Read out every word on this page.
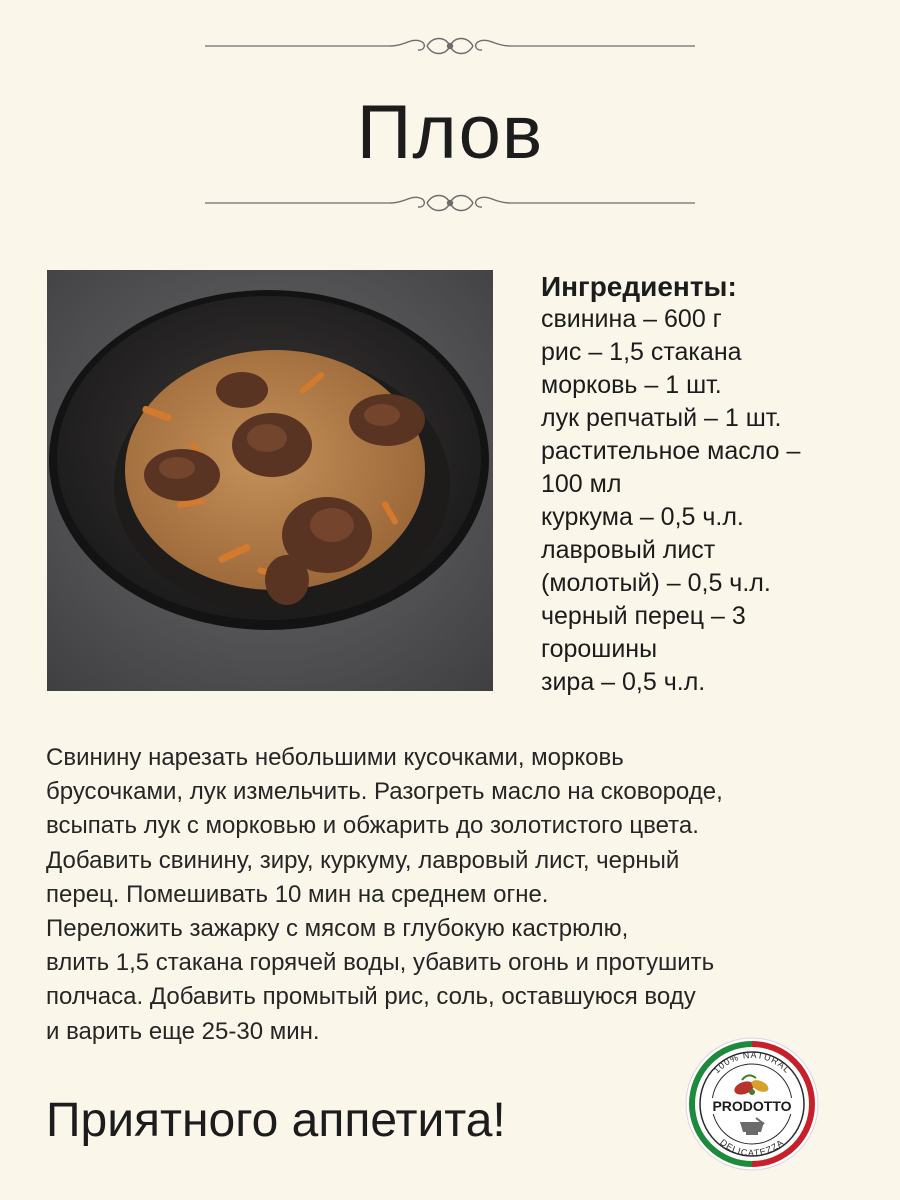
Плов
Ингредиенты:
свинина – 600 г
рис – 1,5 стакана
морковь – 1 шт.
лук репчатый – 1 шт.
растительное масло –
100 мл
куркума – 0,5 ч.л.
лавровый лист
(молотый) – 0,5 ч.л.
черный перец – 3
горошины
зира – 0,5 ч.л.

Свинину нарезать небольшими кусочками, морковь

брусочками, лук измельчить. Разогреть масло на сковороде,

всыпать лук с морковью и обжарить до золотистого цвета.

Добавить свинину, зиру, куркуму, лавровый лист, черный

перец. Помешивать 10 мин на среднем огне.

Переложить зажарку с мясом в глубокую кастрюлю,

влить 1,5 стакана горячей воды, убавить огонь и протушить

полчаса. Добавить промытый рис, соль, оставшуюся воду

и варить еще 25-30 мин.

Приятного аппетита!
100% NATURAL
DELICATEZZA
PRODOTTO
